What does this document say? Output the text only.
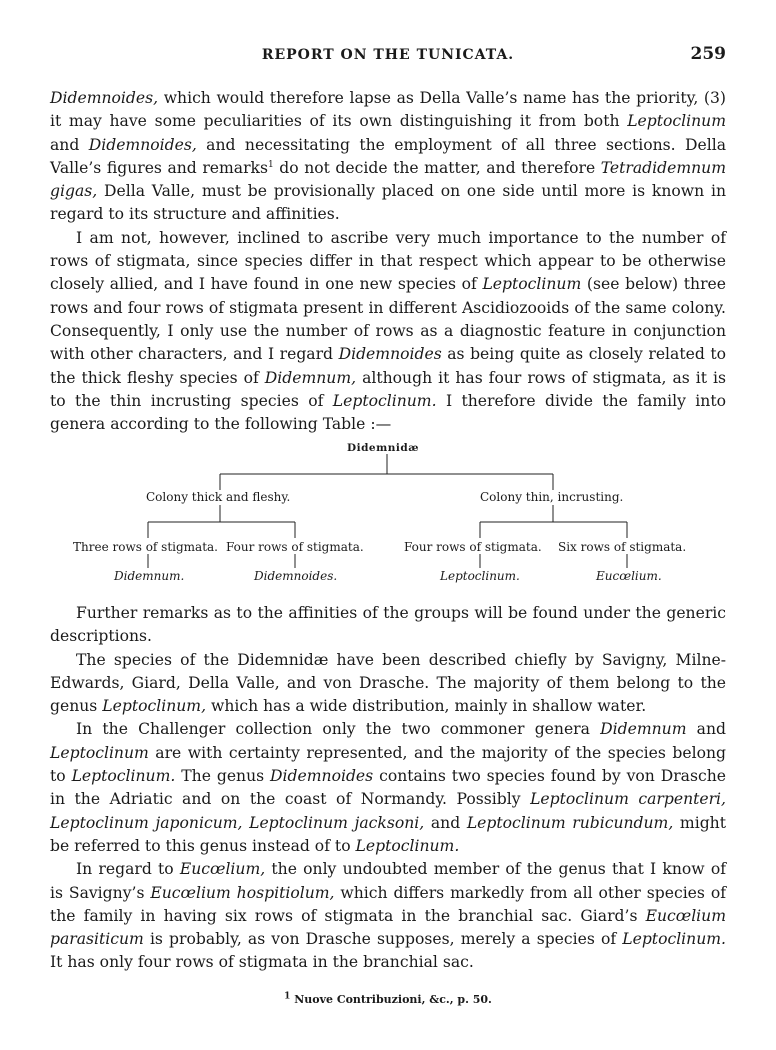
REPORT ON THE TUNICATA.	259

Didemnoides, which would therefore lapse as Della Valle’s name has the priority, (3) it may have some peculiarities of its own distinguishing it from both Leptoclinum and Didemnoides, and necessitating the employment of all three sections. Della Valle’s figures and remarks$^1$ do not decide the matter, and therefore Tetradidemnum gigas, Della Valle, must be provisionally placed on one side until more is known in regard to its structure and affinities.

I am not, however, inclined to ascribe very much importance to the number of rows of stigmata, since species differ in that respect which appear to be otherwise closely allied, and I have found in one new species of Leptoclinum (see below) three rows and four rows of stigmata present in different Ascidiozooids of the same colony. Consequently, I only use the number of rows as a diagnostic feature in conjunction with other characters, and I regard Didemnoides as being quite as closely related to the thick fleshy species of Didemnum, although it has four rows of stigmata, as it is to the thin incrusting species of Leptoclinum. I therefore divide the family into genera according to the following Table :—

Didemnidæ
Colony thick and fleshy.	Colony thin, incrusting.
Three rows of stigmata. Four rows of stigmata.	Four rows of stigmata. Six rows of stigmata.
Didemnum.	Didemnoides.	Leptoclinum.	Eucœlium.

Further remarks as to the affinities of the groups will be found under the generic descriptions.

The species of the Didemnidæ have been described chiefly by Savigny, Milne-Edwards, Giard, Della Valle, and von Drasche. The majority of them belong to the genus Leptoclinum, which has a wide distribution, mainly in shallow water.

In the Challenger collection only the two commoner genera Didemnum and Leptoclinum are with certainty represented, and the majority of the species belong to Leptoclinum. The genus Didemnoides contains two species found by von Drasche in the Adriatic and on the coast of Normandy. Possibly Leptoclinum carpenteri, Leptoclinum japonicum, Leptoclinum jacksoni, and Leptoclinum rubicundum, might be referred to this genus instead of to Leptoclinum.

In regard to Eucœlium, the only undoubted member of the genus that I know of is Savigny’s Eucœlium hospitiolum, which differs markedly from all other species of the family in having six rows of stigmata in the branchial sac. Giard’s Eucœlium parasiticum is probably, as von Drasche supposes, merely a species of Leptoclinum. It has only four rows of stigmata in the branchial sac.

$^1$ Nuove Contribuzioni, &c., p. 50.
